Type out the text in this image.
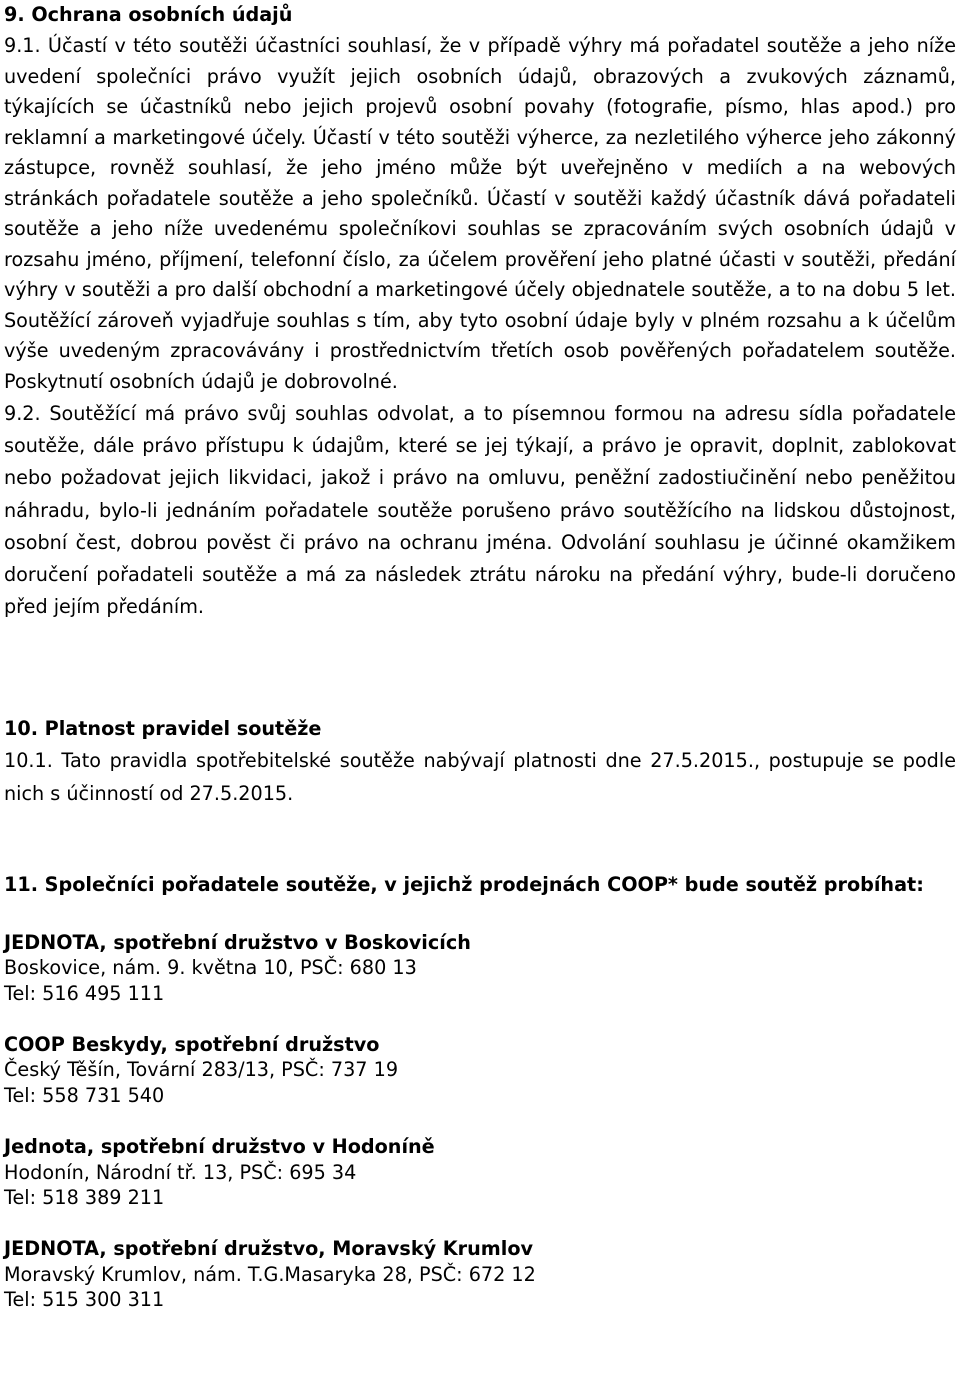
9. Ochrana osobních údajů
9.1. Účastí v této soutěži účastníci souhlasí, že v případě výhry má pořadatel soutěže a jeho níže uvedení společníci právo využít jejich osobních údajů, obrazových a zvukových záznamů, týkajících se účastníků nebo jejich projevů osobní povahy (fotografie, písmo, hlas apod.) pro reklamní a marketingové účely. Účastí v této soutěži výherce, za nezletilého výherce jeho zákonný zástupce, rovněž souhlasí, že jeho jméno může být uveřejněno v mediích a na webových stránkách pořadatele soutěže a jeho společníků. Účastí v soutěži každý účastník dává pořadateli soutěže a jeho níže uvedenému společníkovi souhlas se zpracováním svých osobních údajů v rozsahu jméno, příjmení, telefonní číslo, za účelem prověření jeho platné účasti v soutěži, předání výhry v soutěži a pro další obchodní a marketingové účely objednatele soutěže, a to na dobu 5 let. Soutěžící zároveň vyjadřuje souhlas s tím, aby tyto osobní údaje byly v plném rozsahu a k účelům výše uvedeným zpracovávány i prostřednictvím třetích osob pověřených pořadatelem soutěže. Poskytnutí osobních údajů je dobrovolné.
9.2. Soutěžící má právo svůj souhlas odvolat, a to písemnou formou na adresu sídla pořadatele soutěže, dále právo přístupu k údajům, které se jej týkají, a právo je opravit, doplnit, zablokovat nebo požadovat jejich likvidaci, jakož i právo na omluvu, peněžní zadostiučinění nebo peněžitou náhradu, bylo-li jednáním pořadatele soutěže porušeno právo soutěžícího na lidskou důstojnost, osobní čest, dobrou pověst či právo na ochranu jména. Odvolání souhlasu je účinné okamžikem doručení pořadateli soutěže a má za následek ztrátu nároku na předání výhry, bude-li doručeno před jejím předáním.
10. Platnost pravidel soutěže
10.1. Tato pravidla spotřebitelské soutěže nabývají platnosti dne 27.5.2015., postupuje se podle nich s účinností od 27.5.2015.
11. Společníci pořadatele soutěže, v jejichž prodejnách COOP* bude soutěž probíhat:
JEDNOTA, spotřební družstvo v Boskovicích
Boskovice, nám. 9. května 10, PSČ: 680 13
Tel: 516 495 111
COOP Beskydy, spotřební družstvo
Český Těšín, Tovární 283/13, PSČ: 737 19
Tel: 558 731 540
Jednota, spotřební družstvo v Hodoníně
Hodonín, Národní tř. 13, PSČ: 695 34
Tel: 518 389 211
JEDNOTA, spotřební družstvo, Moravský Krumlov
Moravský Krumlov, nám. T.G.Masaryka 28, PSČ: 672 12
Tel: 515 300 311
